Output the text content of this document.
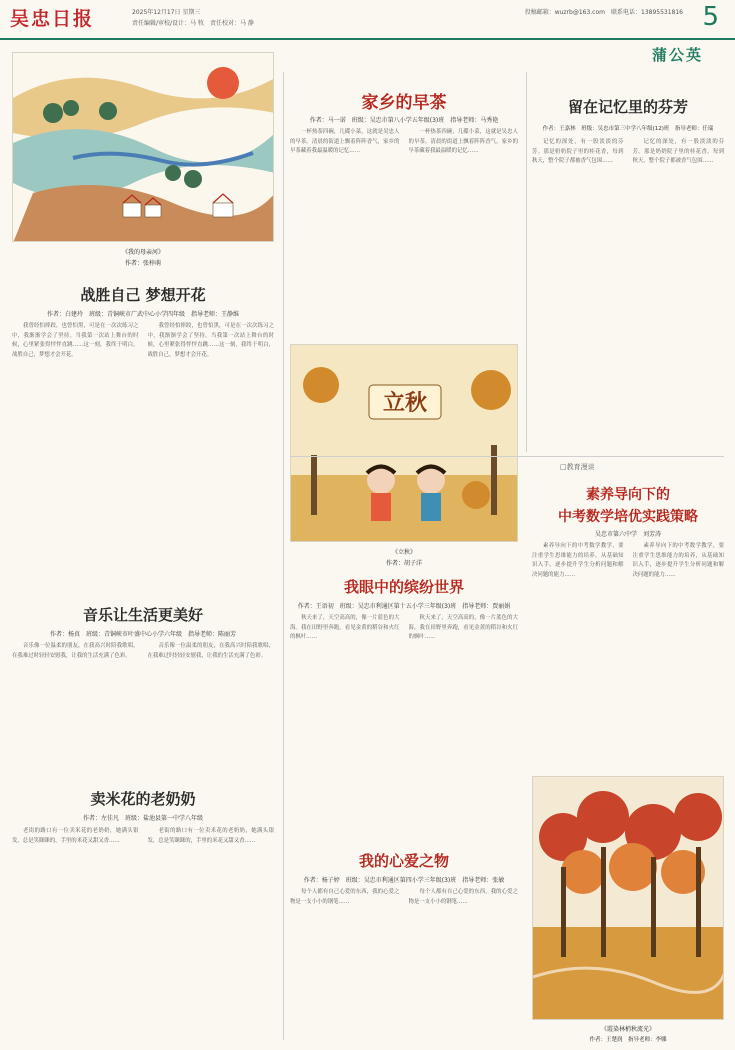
吴忠日报	2025年12月17日 星期三
责任编辑/审校/设计：马 牧　责任校对：马 静
投稿邮箱：wuzrb@163.com　联系电话：13895531816 5
蒲公英
《我的母亲河》
作者：张梓萌
战胜自己 梦想开花
作者：白建玲　班级：青铜峡市广武中心小学四年级　指导老师：王静维

我曾经怕摔跤，也曾怕黑，可是在一次次练习之中，我渐渐学会了坚持。当我第一次站上舞台的时候，心里紧张得怦怦直跳……这一刻，我终于明白，战胜自己，梦想才会开花。

我曾经怕摔跤，也曾怕黑，可是在一次次练习之中，我渐渐学会了坚持。当我第一次站上舞台的时候，心里紧张得怦怦直跳……这一刻，我终于明白，战胜自己，梦想才会开花。

音乐让生活更美好
作者：杨真　班级：青铜峡市叶盛中心小学六年级　指导老师：陈丽芳

音乐像一位温柔的朋友，在我高兴时陪我歌唱，在我难过时轻轻安慰我，让我的生活充满了色彩。

音乐像一位温柔的朋友，在我高兴时陪我歌唱，在我难过时轻轻安慰我，让我的生活充满了色彩。

卖米花的老奶奶
作者：左佳凡　班级：盐池县第一中学八年级

老街的路口有一位卖米花的老奶奶，她满头银发，总是笑眯眯的，手里的米花又甜又香……

老街的路口有一位卖米花的老奶奶，她满头银发，总是笑眯眯的，手里的米花又甜又香……

家乡的早茶
作者：马一诺　班级：吴忠市第八小学五年级(3)班　指导老师：马秀艳

一杯热茶四碗，几碟小菜，这就是吴忠人的早茶。清晨的街道上飘着阵阵香气，家乡的早茶藏着我最温暖的记忆……

一杯热茶四碗，几碟小菜，这就是吴忠人的早茶。清晨的街道上飘着阵阵香气，家乡的早茶藏着我最温暖的记忆……

立秋
《立秋》
作者：胡子洋
我眼中的缤纷世界
作者：王语初　班级：吴忠市利通区第十五小学三年级(3)班　指导老师：贾丽娟

秋天来了，天空高高的，像一片蓝色的大海。我在田野里奔跑，看见金黄的稻谷和火红的枫叶……

秋天来了，天空高高的，像一片蓝色的大海。我在田野里奔跑，看见金黄的稻谷和火红的枫叶……

我的心爱之物
作者：杨子婷　班级：吴忠市利通区第四小学三年级(3)班　指导老师：张敏

每个人都有自己心爱的东西，我的心爱之物是一支小小的钢笔……

每个人都有自己心爱的东西，我的心爱之物是一支小小的钢笔……

留在记忆里的芬芳
作者：王嘉林　班级：吴忠市第三中学八年级(12)班　指导老师：任瑞

记忆的深处，有一股淡淡的芬芳。那是奶奶院子里的桂花香，每到秋天，整个院子都被香气包围……

记忆的深处，有一股淡淡的芬芳。那是奶奶院子里的桂花香，每到秋天，整个院子都被香气包围……

□教育漫谈
素养导向下的
中考数学培优实践策略
吴忠市第六中学　刘芳涛

素养导向下的中考数学教学，要注重学生思维能力的培养，从基础知识入手，逐步提升学生分析问题和解决问题的能力……

素养导向下的中考数学教学，要注重学生思维能力的培养，从基础知识入手，逐步提升学生分析问题和解决问题的能力……

《霞染林梢秋流光》
作者：王楚润　指导老师：李娜
